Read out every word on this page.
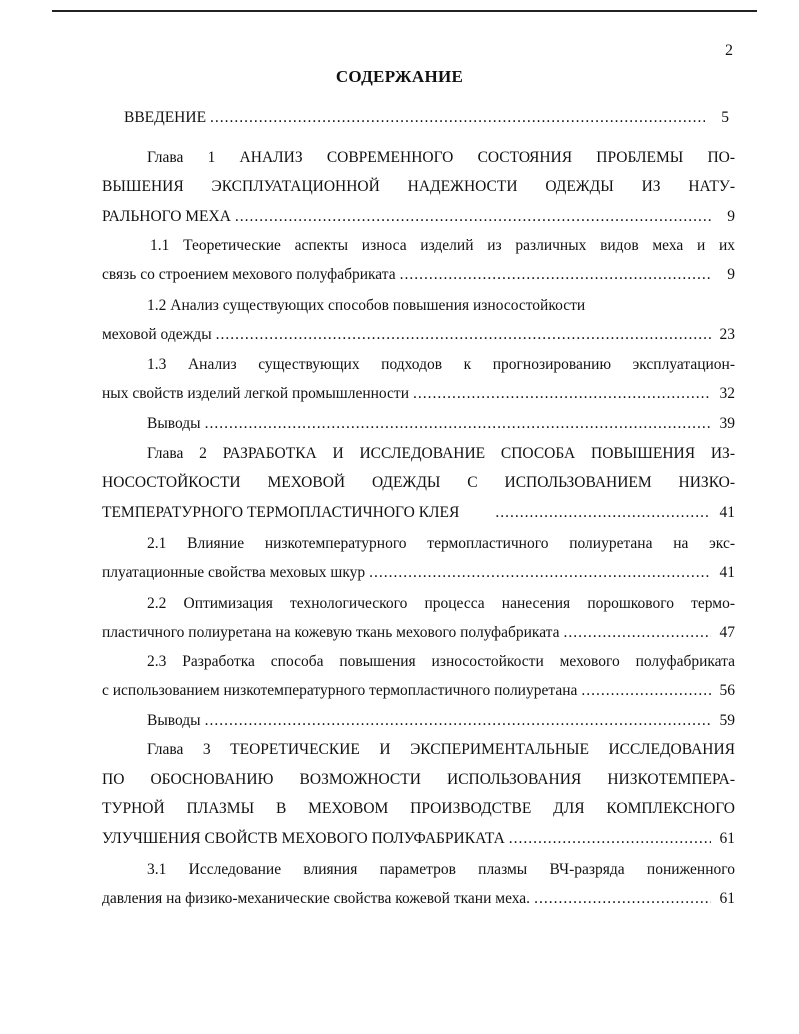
2
СОДЕРЖАНИЕ
ВВЕДЕНИЕ .....	5
Глава 1 АНАЛИЗ СОВРЕМЕННОГО СОСТОЯНИЯ ПРОБЛЕМЫ ПО-
ВЫШЕНИЯ ЭКСПЛУАТАЦИОННОЙ НАДЕЖНОСТИ ОДЕЖДЫ ИЗ НАТУ-
РАЛЬНОГО МЕХА .....	9
1.1 Теоретические аспекты износа изделий из различных видов меха и их
связь со строением мехового полуфабриката .....	9
1.2 Анализ существующих способов повышения износостойкости
меховой одежды .....	23
1.3 Анализ существующих подходов к прогнозированию эксплуатацион-
ных свойств изделий легкой промышленности .....	32
Выводы .....	39
Глава 2 РАЗРАБОТКА И ИССЛЕДОВАНИЕ СПОСОБА ПОВЫШЕНИЯ ИЗ-
НОСОСТОЙКОСТИ МЕХОВОЙ ОДЕЖДЫ С ИСПОЛЬЗОВАНИЕМ НИЗКО-
ТЕМПЕРАТУРНОГО ТЕРМОПЛАСТИЧНОГО КЛЕЯ .....	41
2.1 Влияние низкотемпературного термопластичного полиуретана на экс-
плуатационные свойства меховых шкур .....	41
2.2 Оптимизация технологического процесса нанесения порошкового термо-
пластичного полиуретана на кожевую ткань мехового полуфабриката .....	47
2.3 Разработка способа повышения износостойкости мехового полуфабриката
с использованием низкотемпературного термопластичного полиуретана .....	56
Выводы .....	59
Глава 3 ТЕОРЕТИЧЕСКИЕ И ЭКСПЕРИМЕНТАЛЬНЫЕ ИССЛЕДОВАНИЯ
ПО ОБОСНОВАНИЮ ВОЗМОЖНОСТИ ИСПОЛЬЗОВАНИЯ НИЗКОТЕМПЕРА-
ТУРНОЙ ПЛАЗМЫ В МЕХОВОМ ПРОИЗВОДСТВЕ ДЛЯ КОМПЛЕКСНОГО
УЛУЧШЕНИЯ СВОЙСТВ МЕХОВОГО ПОЛУФАБРИКАТА .....	61
3.1 Исследование влияния параметров плазмы ВЧ-разряда пониженного
давления на физико-механические свойства кожевой ткани меха. .....	61
